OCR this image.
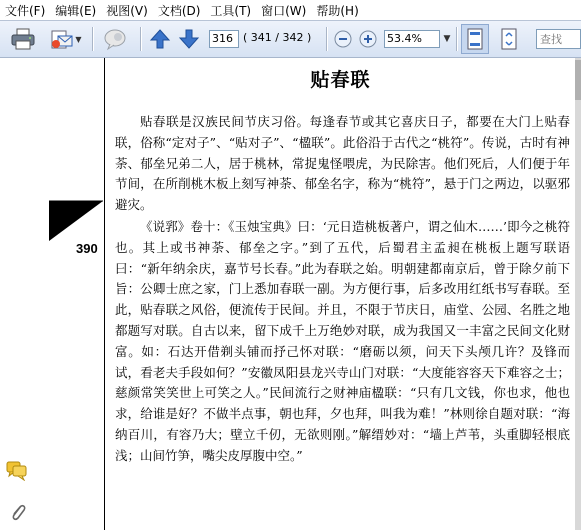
文件(F) 编辑(E) 视图(V) 文档(D) 工具(T) 窗口(W) 帮助(H)
▼
316	( 341 / 342 )	53.4%	▼
查找
390
贴春联

贴春联是汉族民间节庆习俗。每逢春节或其它喜庆日子，都要在大门上贴春联，俗称“定对子”、“贴对子”、“楹联”。此俗沿于古代之“桃符”。传说，古时有神荼、郁垒兄弟二人，居于桃林，常捉鬼怪喂虎，为民除害。他们死后，人们便于年节间，在所削桃木板上刻写神荼、郁垒名字，称为“桃符”，悬于门之两边，以驱邪避灾。

《说郛》卷十：《玉烛宝典》曰：‘元日造桃板著户，谓之仙木……’即今之桃符也。其上或书神荼、郁垒之字。”到了五代，后蜀君主孟昶在桃板上题写联语曰：“新年纳余庆，嘉节号长春。”此为春联之始。明朝建都南京后，曾于除夕前下旨：公卿士庶之家，门上悉加春联一副。为方便行事，后多改用红纸书写春联。至此，贴春联之风俗，便流传于民间。并且，不限于节庆日，庙堂、公园、名胜之地都题写对联。自古以来，留下成千上万绝妙对联，成为我国又一丰富之民间文化财富。如：石达开借剃头铺而抒己怀对联：“磨砺以须，问天下头颅几许？及锋而试，看老夫手段如何？”安徽凤阳县龙兴寺山门对联：“大度能容容天下难容之士；慈颜常笑笑世上可笑之人。”民间流行之财神庙楹联：“只有几文钱，你也求，他也求，给谁是好？不做半点事，朝也拜，夕也拜，叫我为难！”林则徐自题对联：“海纳百川，有容乃大；壁立千仞，无欲则刚。”解缙妙对：“墙上芦苇，头重脚轻根底浅；山间竹笋，嘴尖皮厚腹中空。”
